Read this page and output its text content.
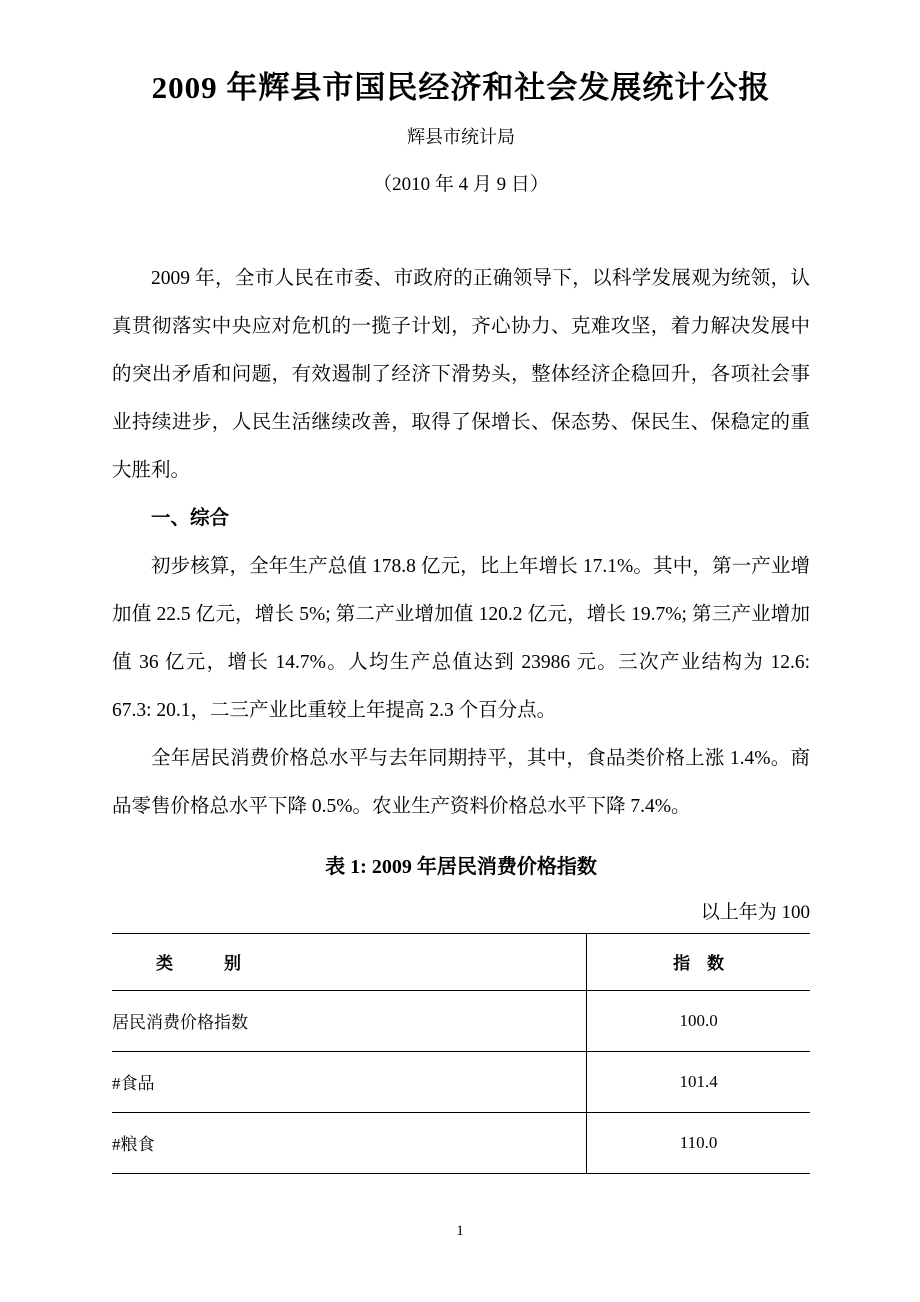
2009 年辉县市国民经济和社会发展统计公报
辉县市统计局
（2010 年 4 月 9 日）

2009 年，全市人民在市委、市政府的正确领导下，以科学发展观为统领，认真贯彻落实中央应对危机的一揽子计划，齐心协力、克难攻坚，着力解决发展中的突出矛盾和问题，有效遏制了经济下滑势头，整体经济企稳回升，各项社会事业持续进步，人民生活继续改善，取得了保增长、保态势、保民生、保稳定的重大胜利。

一、综合

初步核算，全年生产总值 178.8 亿元，比上年增长 17.1%。其中，第一产业增加值 22.5 亿元，增长 5%; 第二产业增加值 120.2 亿元，增长 19.7%; 第三产业增加值 36 亿元，增长 14.7%。人均生产总值达到 23986 元。三次产业结构为 12.6: 67.3: 20.1，二三产业比重较上年提高 2.3 个百分点。

全年居民消费价格总水平与去年同期持平，其中，食品类价格上涨 1.4%。商品零售价格总水平下降 0.5%。农业生产资料价格总水平下降 7.4%。

表 1: 2009 年居民消费价格指数
以上年为 100
类　　　别	指　数
居民消费价格指数	100.0
#食品	101.4
#粮食	110.0
1
